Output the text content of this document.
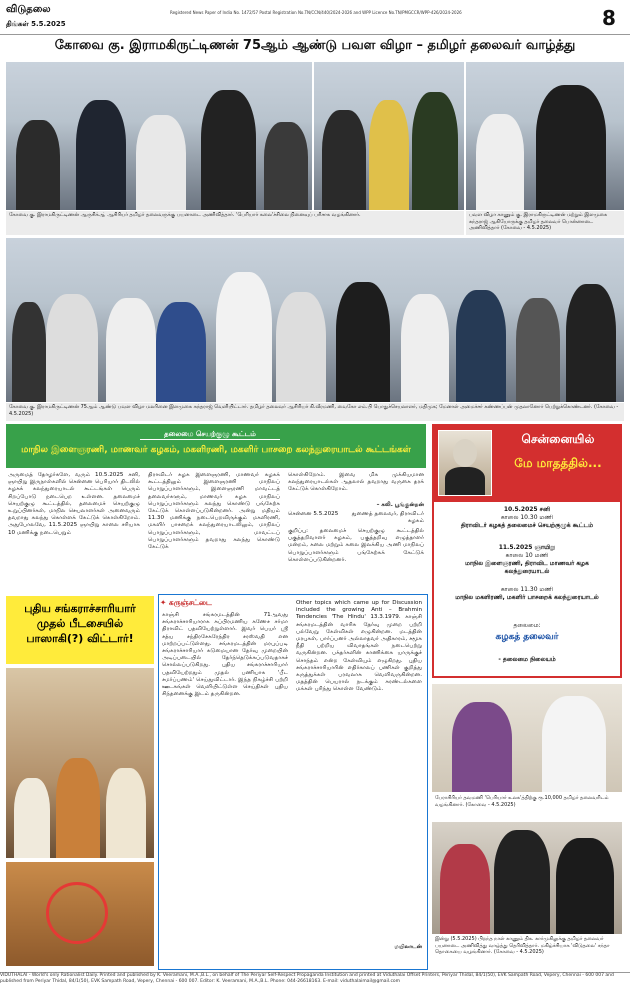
விடுதலை
திங்கள் 5.5.2025
Registered News Paper of India No. 1472/57 Postal Registration No.TN/CCN/440/2024-2026 and WPP Licence No.TN/PMGCCR/WPP-426/2024-2026	8
கோவை கு. இராமகிருட்டிணன் 75ஆம் ஆண்டு பவள விழா – தமிழர் தலைவர் வாழ்த்து
கோவை கு. இராமகிருட்டிணன் ஆருசிக்ஆ் ஆசிரியர் தமிழர் தலைவருக்கு பயனாடை அணிவித்தார். 'பெரியார் கலை'ச்சிலை நினைவுப் பரிசாக வழங்கினார்.	பவள விழா காணும் கு. இராமகிருட்டிணன் மற்றும் இளமுகை சுந்தராஜ் ஆகியோருக்கு தமிழர் தலைவர் பொன்னாடை அணிவித்தார் (கோவை - 4.5.2025)
கோவை கு. இராமகிருட்டிணன் 75ஆம் ஆண்டு பவள விழா மலரினை இளமுகை சுந்தராஜ் வெளியிட்டார். தமிழர் தலைவர் ஆசிரியர் கி.வீரமணி, வைகோ எம்.பி பொதுச்செயலாளர், மதிமுக; மேனாள் அமைச்சர் கண்ணப்பன் முதலானோர் பெற்றுக்கொண்டனர். (கோவை - 4.5.2025)
தலைமை செயற்குழு கூட்டம்
மாநில இளைஞரணி, மாணவர் கழகம், மகளிரணி, மகளிர் பாசறை கலந்துரையாடல் கூட்டங்கள்
அருமைத் தோழர்களே, வரும் 10.5.2025 சனி, ஞாயிறு இருநாள்களில் சென்னை பெரியார் திடலில் கழகக் கலந்துரையாடல் கூட்டங்கள் பெரும் சிறப்போடு நடைபெற உள்ளன. தலைமைச் செயற்குழு கூட்டத்தில், தலைமைச் செயற்குழு உறுப்பினர்கள், மாநில செயலாளர்கள் அனைவரும் தவறாது கலந்து கொள்ளக் கேட்டுக் கொள்கிறோம். அதுபோலவே, 11.5.2025 ஞாயிறு காலை சரியாக 10 மணிக்கு நடைபெறும்
திராவிடர் கழக இளைஞரணி, மாணவர் கழகக் கூட்டத்திலும் இளைஞரணி மாநிலப் பொறுப்பாளர்களும், இளைஞரணி மாவட்டத் தலைவர்களும், மாணவர் கழக மாநிலப் பொறுப்பாளர்களும் கலந்து கொண்டு பங்கேற்க கேட்டுக் கொள்ளப்படுகின்றனர். அன்று மதியம் 11.30 மணிக்கு நடைபெறவிருக்கும் மகளிரணி, மகளிர் பாசறைக் கலந்துரையாடலிலும், மாநிலப் பொறுப்பாளர்களும், மாவட்டப் பொறுப்பாளர்களும் தவறாது கலந்து கொண்டு கேட்டுக்
கொள்கிறோம். இவை மிக முக்கியமான கலந்துரையாடல்கள் ஆதலால் தவறாது வருகை தரக் கேட்டுக் கொள்கிறோம்.
– கலி. பூங்குன்றன்
சென்னை 5.5.2025	துணைத் தலைவர், திராவிடர் கழகம்
குறிப்பு: தலைமைச் செயற்குழு கூட்டத்தில் பகுத்தறிவாளர் கழகம், பகுத்தறிவு எழுத்தாளர் மன்றம், கலை மற்றும் கலை இலக்கிய அணி மாநிலப் பொறுப்பாளர்களும் பங்கேற்கக் கேட்டுக் கொள்ளப்படுகின்றனர்.
சென்னையில்
மே மாதத்தில்...
10.5.2025 சனி
காலை 10.30 மணி
திராவிடர் கழகத் தலைமைச் செயற்குழுக் கூட்டம்
11.5.2025 ஞாயிறு
காலை 10 மணி
மாநில இளைஞரணி, திராவிட மாணவர் கழக கலந்துரையாடல்
காலை 11.30 மணி
மாநில மகளிரணி, மகளிர் பாசறைக் கலந்துரையாடல்
தலைமை:
கழகத் தலைவர்
- தலைமை நிலையம்
புதிய சங்கராச்சாரியார் முதல் பீடசையில் பாஸாகி(?) விட்டார்!
✦ கருஞ்சட்டை
காஞ்சி சங்கரமடத்தின் 71ஆவது சங்கராச்சாரியாராக சுப்பிரமணிய கணேச சர்மா திராவிட் பதவியேற்றுள்ளார். இவர் பெயர் ஸ்ரீ சத்ய சந்திரசேகரேந்திர சரஸ்வதி என மாற்றப்பட்டுள்ளது. சங்கரமடத்தின் மரபுப்படி சங்கராச்சாரியார் கடுமையான தேர்வு முறையின் அடிப்படையில் தேர்ந்தெடுக்கப்படுவதாகச் சொல்லப்படுகிறது. புதிய சங்கராச்சாரியார் பதவியேற்றதும் முதல் பணியாக 'பீட சமர்ப்பணம்' செய்துவிட்டார். இந்த நிகழ்ச்சி பற்றி ஊடகங்கள் வெளியிட்டுள்ள செய்திகள் புதிய சிந்தனைக்கு இடம் தருகின்றன.
Other topics which came up for Discussion included the growing Anti – Brahmin Tendencies 'The Hindu' 13.3.1979. காஞ்சி சங்கரமடத்தின் வாரிசு தேர்வு முறை பற்றி பல்வேறு கேள்விகள் எழுகின்றன. மடத்தின் மரபுகள், பார்ப்பனர் அல்லாதவர் அதிகாரம், சமூக நீதி பற்றிய விவாதங்கள் நடைபெற்று வருகின்றன. பக்தர்களின் காணிக்கை யாருக்குச் சொந்தம் என்ற கேள்வியும் எழுகிறது. புதிய சங்கராச்சாரியாரின் எதிர்காலப் பணிகள் குறித்து கருத்துக்கள் பரவலாக வெளிவருகின்றன. மதத்தின் பெயரால் நடக்கும் சுரண்டல்களை மக்கள் புரிந்து கொள்ள வேண்டும்.
மயிலாடன்
பேராசிரியர் தவமணி 'பெரியார் உலக'த்திற்கு ரூ.10,000 தமிழர் தலைவரிடம் வழங்கினார். (கோவை - 4.5.2025)
இன்று (5.5.2025) பிறந்த நாள் காணும் திக. கார்முகிலுக்கு தமிழர் தலைவர் பயனாடை அணிவித்து வாழ்த்து தெரிவித்தார். மகிழ்ச்சியாக 'விடுதலை' சந்தா தொகையை வழங்கினார். (கோவை - 4.5.2025)
VIDUTHALAI - World's only Rationalist Daily. Printed and published by K. Veeramani, M.A.,B.L., on behalf of The Periyar Self-Respect Propaganda Institution and printed at Viduthalai Offset Printers, Periyar Thidal, 84/1(50), EVK Sampath Road, Vepery, Chennai - 600 007 and published from Periyar Thidal, 84/1(50), EVK Sampath Road, Vepery, Chennai - 600 007. Editor: K. Veeramani, M.A.,B.L. Phone: 044-26618163. E-mail: viduthalaimail@gmail.com
